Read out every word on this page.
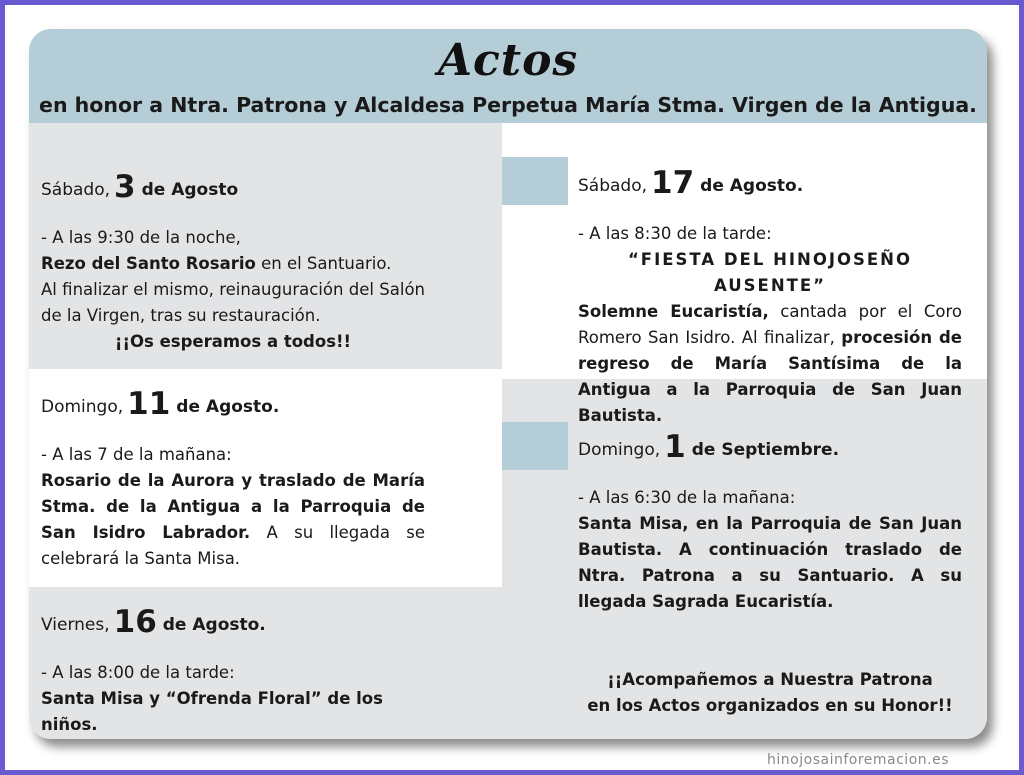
Actos
en honor a Ntra. Patrona y Alcaldesa Perpetua María Stma. Virgen de la Antigua.
Sábado, 3 de Agosto
- A las 9:30 de la noche,
Rezo del Santo Rosario en el Santuario.
Al finalizar el mismo, reinauguración del Salón de la Virgen, tras su restauración.
¡¡Os esperamos a todos!!
Domingo, 11 de Agosto.
- A las 7 de la mañana:
Rosario de la Aurora y traslado de María Stma. de la Antigua a la Parroquia de San Isidro Labrador. A su llegada se celebrará la Santa Misa.
Viernes, 16 de Agosto.
- A las 8:00 de la tarde:
Santa Misa y “Ofrenda Floral” de los niños.
Sábado, 17 de Agosto.
- A las 8:30 de la tarde:
“FIESTA DEL HINOJOSEÑO AUSENTE”
Solemne Eucaristía, cantada por el Coro Romero San Isidro. Al finalizar, procesión de regreso de María Santísima de la Antigua a la Parroquia de San Juan Bautista.
Domingo, 1 de Septiembre.
- A las 6:30 de la mañana:
Santa Misa, en la Parroquia de San Juan Bautista. A continuación traslado de Ntra. Patrona a su Santuario. A su llegada Sagrada Eucaristía.
¡¡Acompañemos a Nuestra Patrona
en los Actos organizados en su Honor!!
hinojosainforemacion.es
